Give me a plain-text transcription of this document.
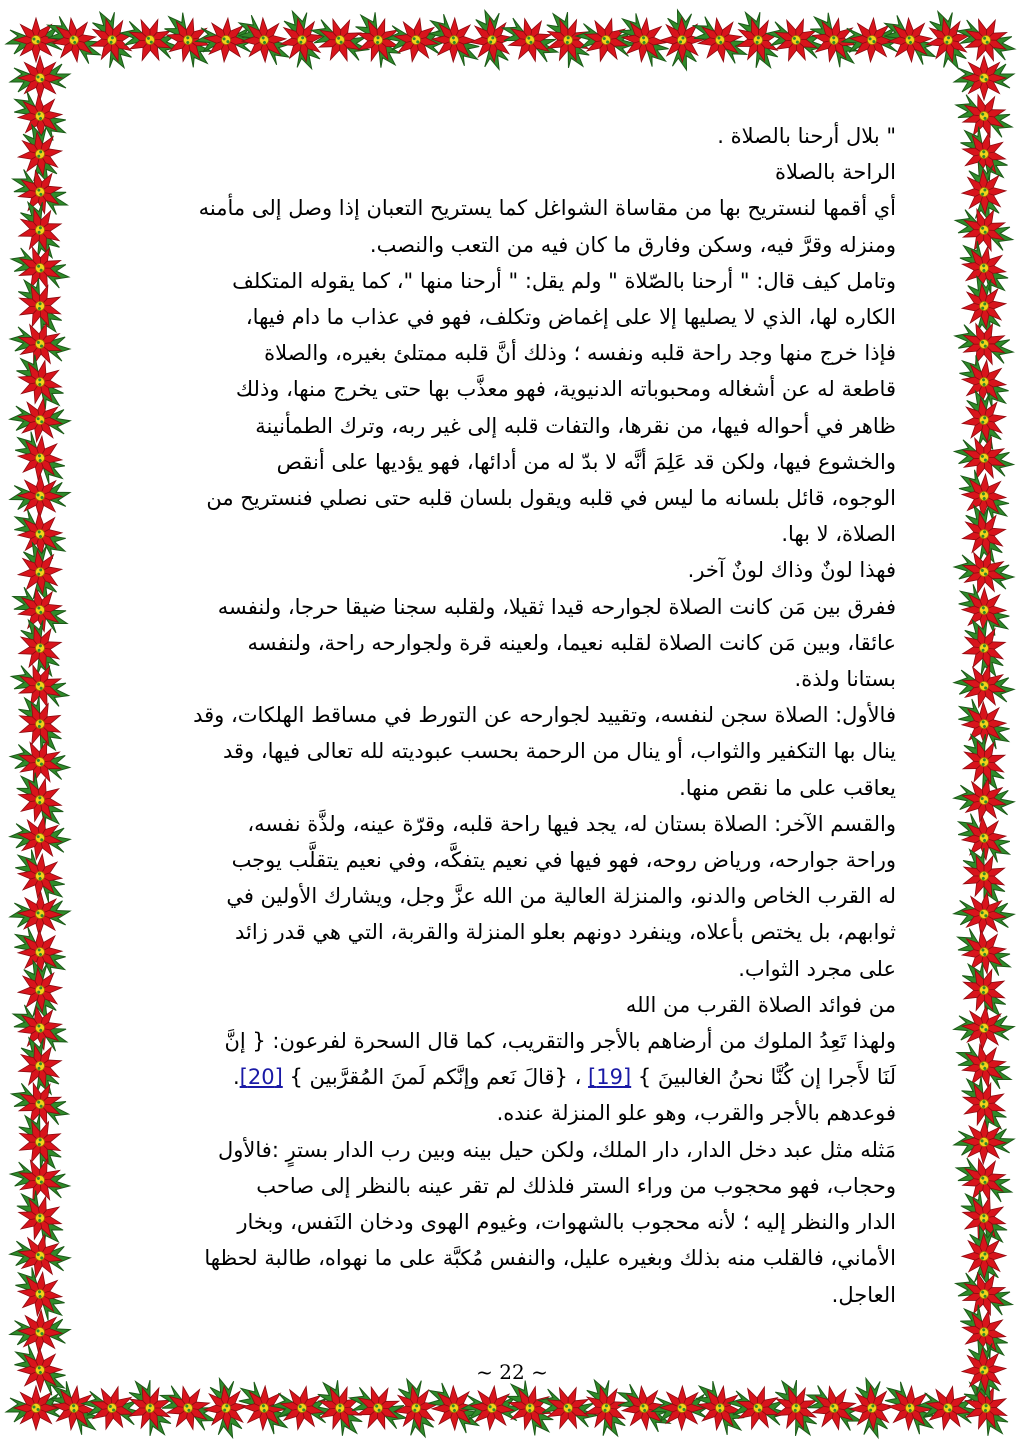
" بلال أرحنا بالصلاة .

الراحة بالصلاة

أي أقمها لنستريح بها من مقاساة الشواغل كما يستريح التعبان إذا وصل إلى مأمنه

ومنزله وقرَّ فيه، وسكن وفارق ما كان فيه من التعب والنصب.

وتامل كيف قال: " أرحنا بالصّلاة " ولم يقل: " أرحنا منها "، كما يقوله المتكلف

الكاره لها، الذي لا يصليها إلا على إغماض وتكلف، فهو في عذاب ما دام فيها،

فإذا خرج منها وجد راحة قلبه ونفسه ؛ وذلك أنَّ قلبه ممتلئ بغيره، والصلاة

قاطعة له عن أشغاله ومحبوباته الدنيوية، فهو معذَّب بها حتى يخرج منها، وذلك

ظاهر في أحواله فيها، من نقرها، والتفات قلبه إلى غير ربه، وترك الطمأنينة

والخشوع فيها، ولكن قد عَلِمَ أنَّه لا بدّ له من أدائها، فهو يؤديها على أنقص

الوجوه، قائل بلسانه ما ليس في قلبه ويقول بلسان قلبه حتى نصلي فنستريح من

الصلاة، لا بها.

فهذا لونٌ وذاك لونٌ آخر.

ففرق بين مَن كانت الصلاة لجوارحه قيدا ثقيلا، ولقلبه سجنا ضيقا حرجا، ولنفسه

عائقا، وبين مَن كانت الصلاة لقلبه نعيما، ولعينه قرة ولجوارحه راحة، ولنفسه

بستانا ولذة.

فالأول: الصلاة سجن لنفسه، وتقييد لجوارحه عن التورط في مساقط الهلكات، وقد

ينال بها التكفير والثواب، أو ينال من الرحمة بحسب عبوديته لله تعالى فيها، وقد

يعاقب على ما نقص منها.

والقسم الآخر: الصلاة بستان له، يجد فيها راحة قلبه، وقرّة عينه، ولذَّة نفسه،

وراحة جوارحه، ورياض روحه، فهو فيها في نعيم يتفكَّه، وفي نعيم يتقلَّب يوجب

له القرب الخاص والدنو، والمنزلة العالية من الله عزَّ وجل، ويشارك الأولين في

ثوابهم، بل يختص بأعلاه، وينفرد دونهم بعلو المنزلة والقربة، التي هي قدر زائد

على مجرد الثواب.

من فوائد الصلاة القرب من الله

ولهذا تَعِدُ الملوك من أرضاهم بالأجر والتقريب، كما قال السحرة لفرعون: { إنَّ

لَنَا لأَجرا إن كُنَّا نحنُ الغالبينَ } [19] ، {قالَ نَعم وإنَّكم لَمنَ المُقرَّبين } [20].

فوعدهم بالأجر والقرب، وهو علو المنزلة عنده.

مَثله مثل عبد دخل الدار، دار الملك، ولكن حيل بينه وبين رب الدار بسترٍ :فالأول

وحجاب، فهو محجوب من وراء الستر فلذلك لم تقر عينه بالنظر إلى صاحب

الدار والنظر إليه ؛ لأنه محجوب بالشهوات، وغيوم الهوى ودخان النَفس، وبخار

الأماني، فالقلب منه بذلك وبغيره عليل، والنفس مُكبَّة على ما نهواه، طالبة لحظها

العاجل.

~ 22 ~
